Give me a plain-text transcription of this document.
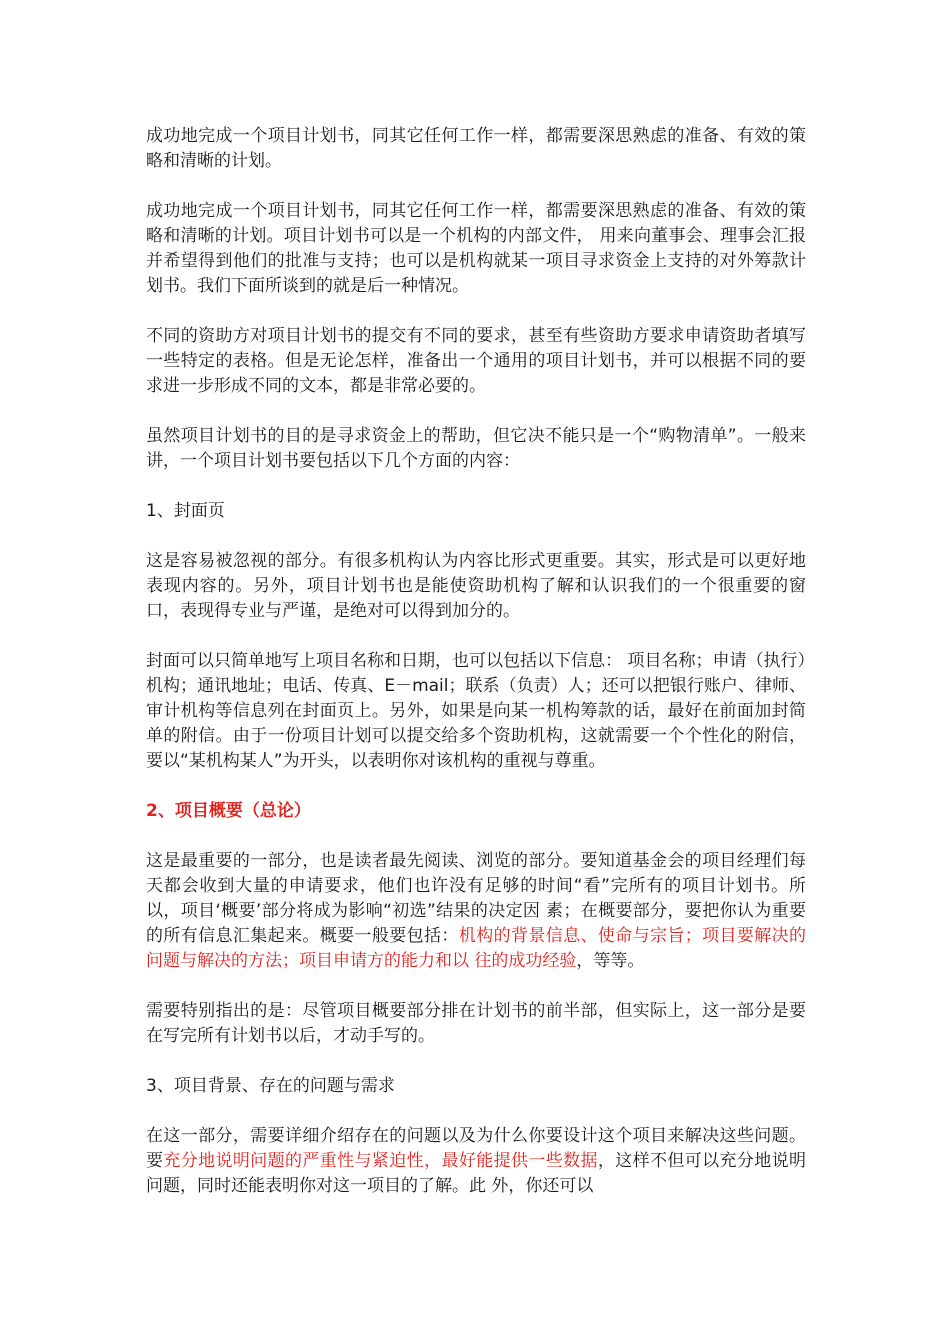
成功地完成一个项目计划书，同其它任何工作一样，都需要深思熟虑的准备、有效的策略和清晰的计划。

成功地完成一个项目计划书，同其它任何工作一样，都需要深思熟虑的准备、有效的策略和清晰的计划。项目计划书可以是一个机构的内部文件， 用来向董事会、理事会汇报并希望得到他们的批准与支持；也可以是机构就某一项目寻求资金上支持的对外筹款计划书。我们下面所谈到的就是后一种情况。

不同的资助方对项目计划书的提交有不同的要求，甚至有些资助方要求申请资助者填写一些特定的表格。但是无论怎样，准备出一个通用的项目计划书，并可以根据不同的要求进一步形成不同的文本，都是非常必要的。

虽然项目计划书的目的是寻求资金上的帮助，但它决不能只是一个“购物清单”。一般来讲，一个项目计划书要包括以下几个方面的内容：

1、封面页

这是容易被忽视的部分。有很多机构认为内容比形式更重要。其实，形式是可以更好地表现内容的。另外，项目计划书也是能使资助机构了解和认识我们的一个很重要的窗口，表现得专业与严谨，是绝对可以得到加分的。

封面可以只简单地写上项目名称和日期，也可以包括以下信息： 项目名称；申请（执行）机构；通讯地址；电话、传真、E－mail；联系（负责）人；还可以把银行账户、律师、审计机构等信息列在封面页上。另外，如果是向某一机构筹款的话，最好在前面加封简单的附信。由于一份项目计划可以提交给多个资助机构，这就需要一个个性化的附信，要以“某机构某人”为开头，以表明你对该机构的重视与尊重。

2、项目概要（总论）

这是最重要的一部分，也是读者最先阅读、浏览的部分。要知道基金会的项目经理们每天都会收到大量的申请要求，他们也许没有足够的时间“看”完所有的项目计划书。所以，项目‘概要’部分将成为影响“初选”结果的决定因 素；在概要部分，要把你认为重要的所有信息汇集起来。概要一般要包括：机构的背景信息、使命与宗旨；项目要解决的问题与解决的方法；项目申请方的能力和以 往的成功经验，等等。

需要特别指出的是：尽管项目概要部分排在计划书的前半部，但实际上，这一部分是要在写完所有计划书以后，才动手写的。

3、项目背景、存在的问题与需求

在这一部分，需要详细介绍存在的问题以及为什么你要设计这个项目来解决这些问题。要充分地说明问题的严重性与紧迫性，最好能提供一些数据，这样不但可以充分地说明问题，同时还能表明你对这一项目的了解。此 外，你还可以
